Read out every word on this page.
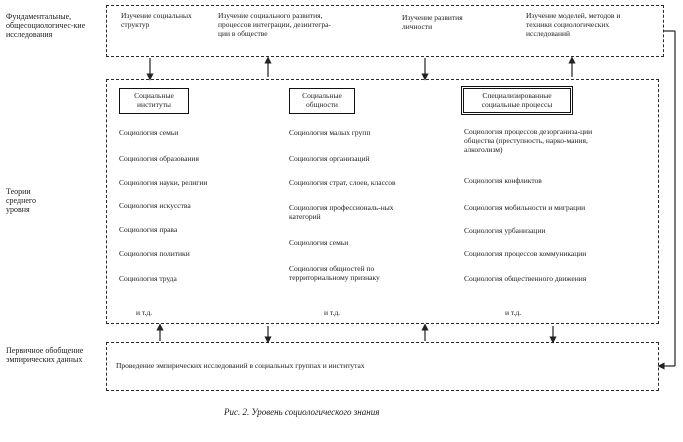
Фундаментальные, общесоциологичес-кие исследования
Теории среднего уровня
Первичное обобщение эмпирических данных
Изучение социальных структур
Изучение социального развития, процессов интеграции, дезинтегра-ции в обществе
Изучение развития личности
Изучение моделей, методов и техники социологических исследований
Социальные институты
Социальные общности
Специализированные социальные процессы
Социология семьи
Социология образования
Социология науки, религии
Социология искусства
Социология права
Социология политики
Социология труда
и т.д.
Социология малых групп
Социология организаций
Социология страт, слоев, классов
Социология профессиональ-ных категорий
Социология семьи
Социология общностей по территориальному признаку
и т.д.
Социология процессов дезорганиза-ции общества (преступность, нарко-мания, алкоголизм)
Социология конфликтов
Социология мобильности и миграции
Социология урбанизации
Социология процессов коммуникации
Социология общественного движения
и т.д.
Проведение эмпирических исследований в социальных группах и институтах
Рис. 2. Уровень социологического знания
